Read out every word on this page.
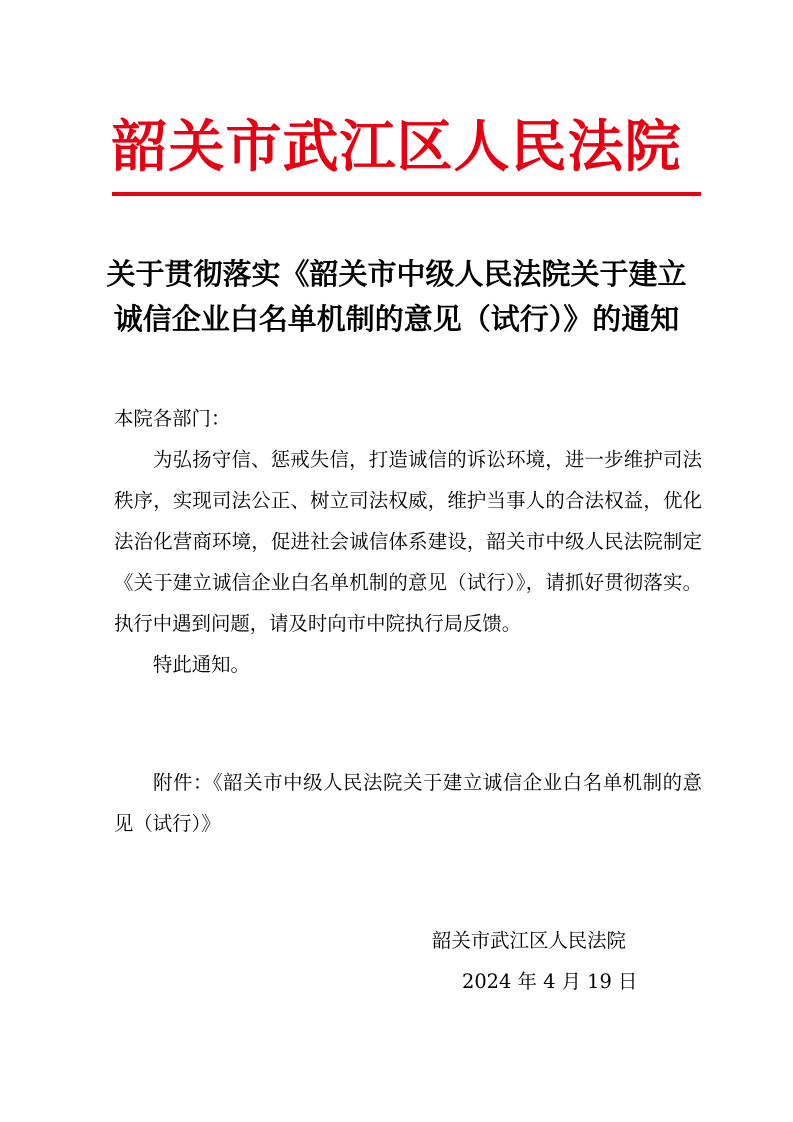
韶关市武江区人民法院
关于贯彻落实《韶关市中级人民法院关于建立
诚信企业白名单机制的意见（试行）》的通知

本院各部门：

为弘扬守信、惩戒失信，打造诚信的诉讼环境，进一步维护司法秩序，实现司法公正、树立司法权威，维护当事人的合法权益，优化法治化营商环境，促进社会诚信体系建设，韶关市中级人民法院制定《关于建立诚信企业白名单机制的意见（试行）》，请抓好贯彻落实。执行中遇到问题，请及时向市中院执行局反馈。

特此通知。

附件：《韶关市中级人民法院关于建立诚信企业白名单机制的意见（试行）》
韶关市武江区人民法院
2024 年 4 月 19 日
